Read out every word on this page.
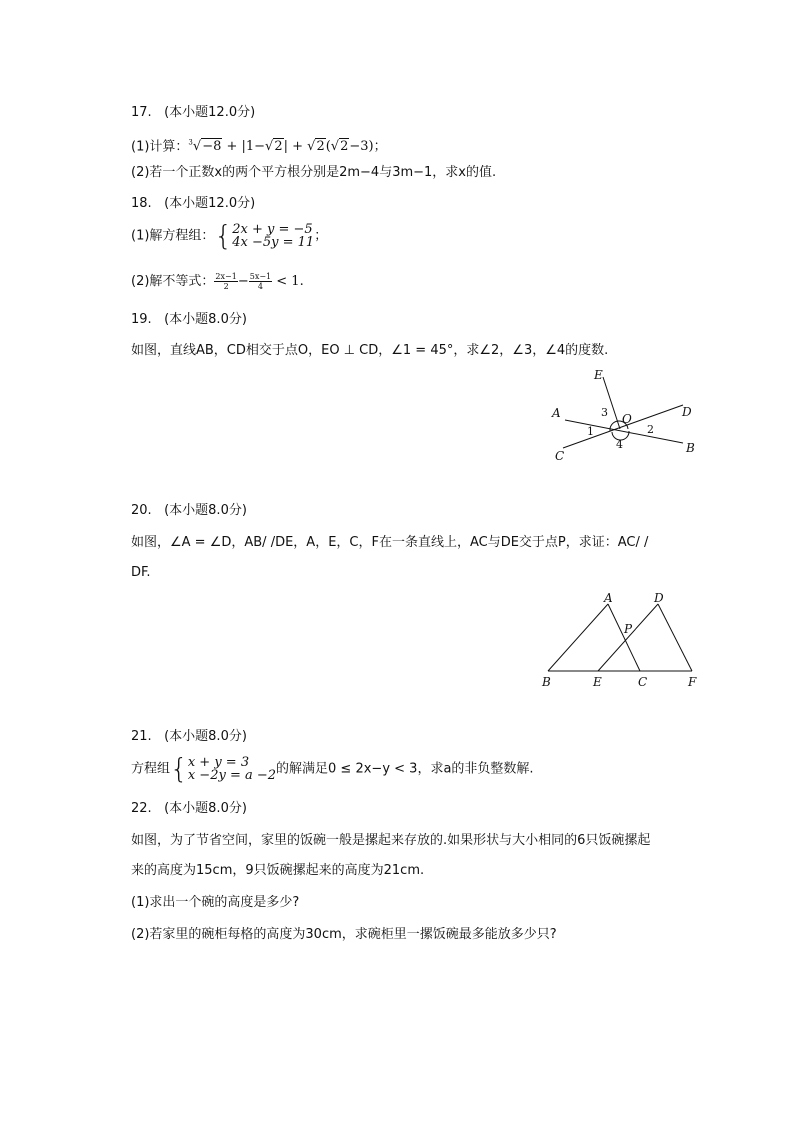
17. (本小题12.0分)
(1)计算：$^3$√−8 + |1−√2| + √2(√2−3)；
(2)若一个正数x的两个平方根分别是2m−4与3m−1，求x的值.
18. (本小题12.0分)
(1)解方程组：{ 2x + y = −5
4x −5y = 11 ；
(2)解不等式： $\frac{2x-1}{2} - \frac{5x-1}{4} < 1$.
19. (本小题8.0分)
如图，直线AB，CD相交于点O，EO ⊥ CD，∠1 = 45°，求∠2，∠3，∠4的度数.
E
A	D
B
C
O
3
1	2
4
20. (本小题8.0分)
如图，∠A = ∠D，AB/ /DE，A，E，C，F在一条直线上，AC与DE交于点P，求证：AC/ /
DF.
A	D
P
B	E	C	F
21. (本小题8.0分)
方程组{ x + y = 3
x −2y = a −2 的解满足0 ≤ 2x−y < 3，求a的非负整数解.
22. (本小题8.0分)
如图，为了节省空间，家里的饭碗一般是摞起来存放的.如果形状与大小相同的6只饭碗摞起
来的高度为15cm，9只饭碗摞起来的高度为21cm.
(1)求出一个碗的高度是多少?
(2)若家里的碗柜每格的高度为30cm，求碗柜里一摞饭碗最多能放多少只?
